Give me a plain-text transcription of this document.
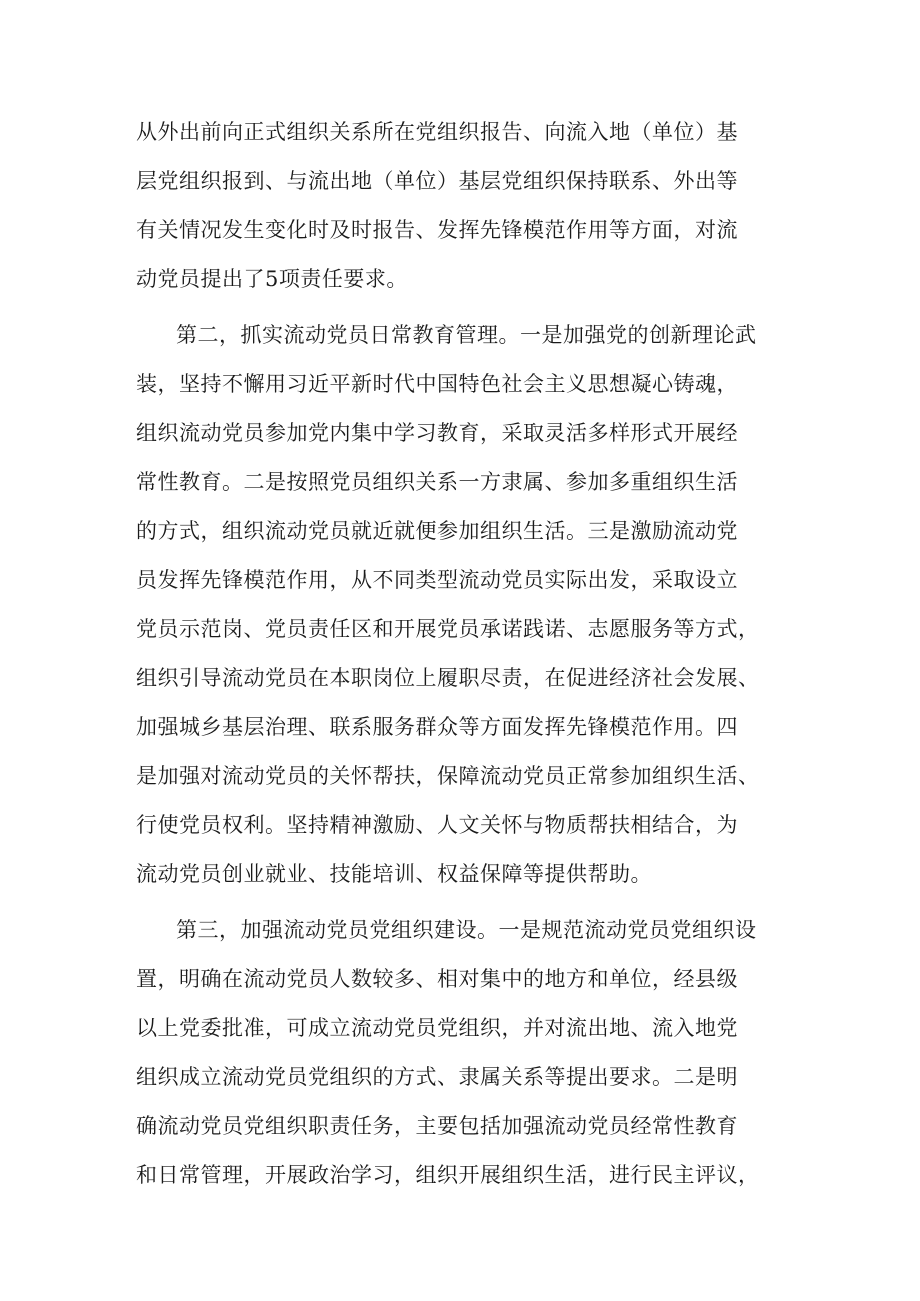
从外出前向正式组织关系所在党组织报告、向流入地（单位）基
层党组织报到、与流出地（单位）基层党组织保持联系、外出等
有关情况发生变化时及时报告、发挥先锋模范作用等方面，对流
动党员提出了5项责任要求。
第二，抓实流动党员日常教育管理。一是加强党的创新理论武
装，坚持不懈用习近平新时代中国特色社会主义思想凝心铸魂，
组织流动党员参加党内集中学习教育，采取灵活多样形式开展经
常性教育。二是按照党员组织关系一方隶属、参加多重组织生活
的方式，组织流动党员就近就便参加组织生活。三是激励流动党
员发挥先锋模范作用，从不同类型流动党员实际出发，采取设立
党员示范岗、党员责任区和开展党员承诺践诺、志愿服务等方式，
组织引导流动党员在本职岗位上履职尽责，在促进经济社会发展、
加强城乡基层治理、联系服务群众等方面发挥先锋模范作用。四
是加强对流动党员的关怀帮扶，保障流动党员正常参加组织生活、
行使党员权利。坚持精神激励、人文关怀与物质帮扶相结合，为
流动党员创业就业、技能培训、权益保障等提供帮助。
第三，加强流动党员党组织建设。一是规范流动党员党组织设
置，明确在流动党员人数较多、相对集中的地方和单位，经县级
以上党委批准，可成立流动党员党组织，并对流出地、流入地党
组织成立流动党员党组织的方式、隶属关系等提出要求。二是明
确流动党员党组织职责任务，主要包括加强流动党员经常性教育
和日常管理，开展政治学习，组织开展组织生活，进行民主评议，
